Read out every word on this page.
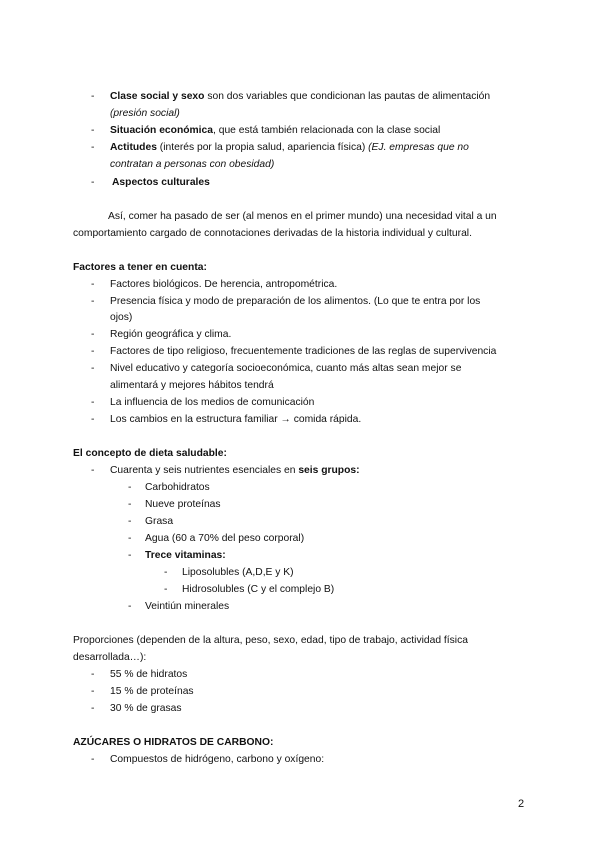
- Clase social y sexo son dos variables que condicionan las pautas de alimentación
(presión social)
- Situación económica, que está también relacionada con la clase social
- Actitudes (interés por la propia salud, apariencia física) (EJ. empresas que no
contratan a personas con obesidad)
- Aspectos culturales
Así, comer ha pasado de ser (al menos en el primer mundo) una necesidad vital a un
comportamiento cargado de connotaciones derivadas de la historia individual y cultural.
Factores a tener en cuenta:
- Factores biológicos. De herencia, antropométrica.
- Presencia física y modo de preparación de los alimentos. (Lo que te entra por los
ojos)
- Región geográfica y clima.
- Factores de tipo religioso, frecuentemente tradiciones de las reglas de supervivencia
- Nivel educativo y categoría socioeconómica, cuanto más altas sean mejor se
alimentará y mejores hábitos tendrá
- La influencia de los medios de comunicación
- Los cambios en la estructura familiar → comida rápida.
El concepto de dieta saludable:
- Cuarenta y seis nutrientes esenciales en seis grupos:
- Carbohidratos
- Nueve proteínas
- Grasa
- Agua (60 a 70% del peso corporal)
- Trece vitaminas:
- Liposolubles (A,D,E y K)
- Hidrosolubles (C y el complejo B)
- Veintiún minerales
Proporciones (dependen de la altura, peso, sexo, edad, tipo de trabajo, actividad física
desarrollada…):
- 55 % de hidratos
- 15 % de proteínas
- 30 % de grasas
AZÚCARES O HIDRATOS DE CARBONO:
- Compuestos de hidrógeno, carbono y oxígeno:
2
